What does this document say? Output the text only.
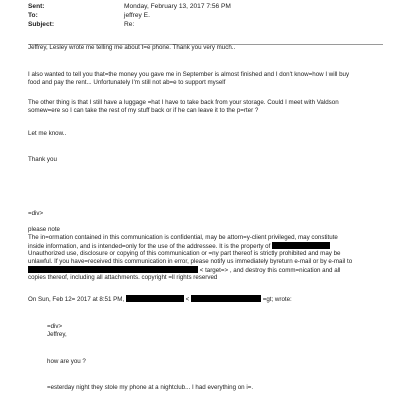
Sent:	Monday, February 13, 2017 7:56 PM
To:	jeffrey E.
Subject:	Re:
Jeffrey, Lesley wrote me telling me about t=e phone. Thank you very much..
I also wanted to tell you that=the money you gave me in September is almost finished and I don't know=how I will buy
food and pay the rent... Unfortunately I'm still not ab=e to support myself
The other thing is that I still have a luggage =hat I have to take back from your storage. Could I meet with Valdson
somew=ere so I can take the rest of my stuff back or if he can leave it to the p=rter ?
Let me know..
Thank you
=div>
please note
The in=ormation contained in this communication is confidential, may be attorn=y-client privileged, may constitute
inside information, and is intended=only for the use of the addressee. It is the property of
Unauthorized use, disclosure or copying of this communication or =ny part thereof is strictly prohibited and may be
unlawful. If you have=received this communication in error, please notify us immediately byreturn e-mail or by e-mail to
< target=> , and destroy this comm=nication and all
copies thereof, including all attachments. copyright =ll rights reserved
On Sun, Feb 12= 2017 at 8:51 PM,	<	=gt; wrote:
=div>
Jeffrey,
how are you ?
=esterday night they stole my phone at a nightclub... I had everything on i=.
